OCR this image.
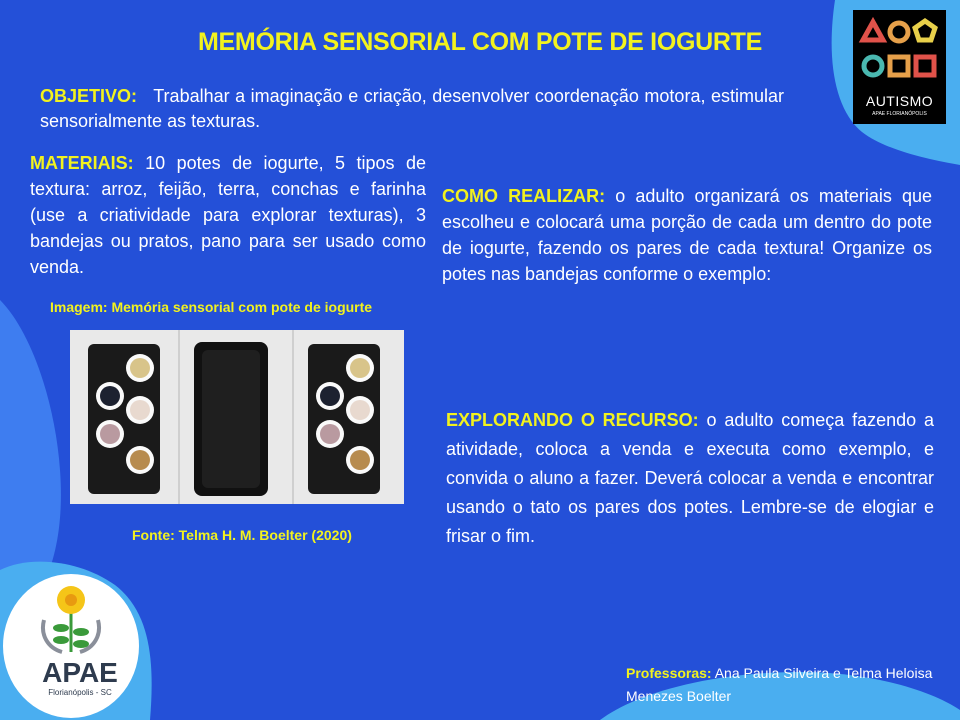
MEMÓRIA SENSORIAL COM POTE DE IOGURTE
OBJETIVO: Trabalhar a imaginação e criação, desenvolver coordenação motora, estimular sensorialmente as texturas.
MATERIAIS: 10 potes de iogurte, 5 tipos de textura: arroz, feijão, terra, conchas e farinha (use a criatividade para explorar texturas), 3 bandejas ou pratos, pano para ser usado como venda.
Imagem: Memória sensorial com pote de iogurte
Fonte: Telma H. M. Boelter (2020)
COMO REALIZAR: o adulto organizará os materiais que escolheu e colocará uma porção de cada um dentro do pote de iogurte, fazendo os pares de cada textura! Organize os potes nas bandejas conforme o exemplo:
EXPLORANDO O RECURSO: o adulto começa fazendo a atividade, coloca a venda e executa como exemplo, e convida o aluno a fazer. Deverá colocar a venda e encontrar usando o tato os pares dos potes. Lembre-se de elogiar e frisar o fim.
Professoras: Ana Paula Silveira e Telma Heloisa Menezes Boelter
AUTISMO
APAE FLORIANÓPOLIS
APAE
Florianópolis - SC
